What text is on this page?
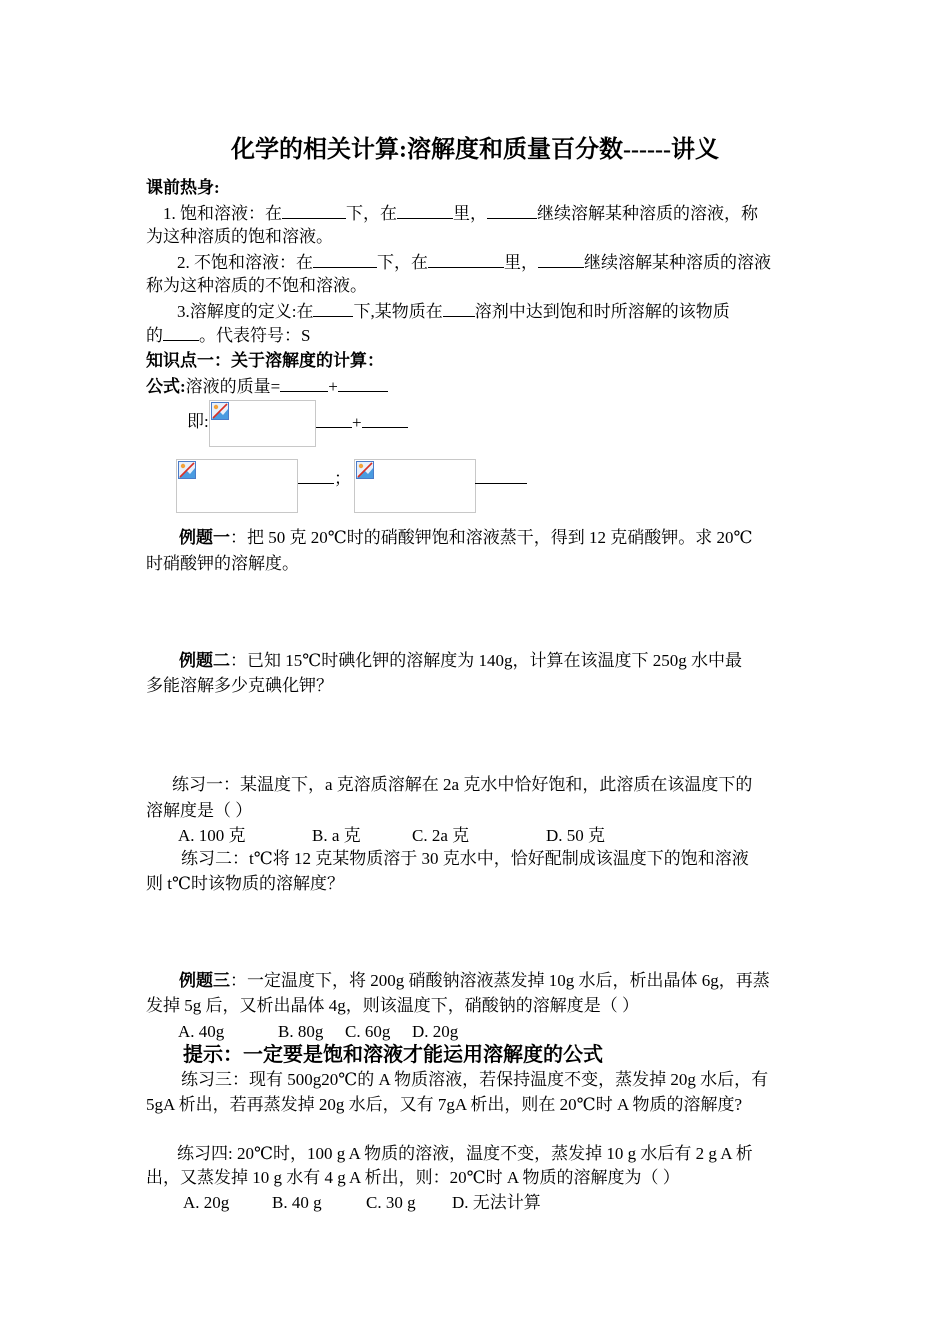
化学的相关计算:溶解度和质量百分数------讲义
课前热身:
1. 饱和溶液：在	下，在	里，	继续溶解某种溶质的溶液，称
为这种溶质的饱和溶液。
2. 不饱和溶液：在	下，在	里，	继续溶解某种溶质的溶液
称为这种溶质的不饱和溶液。
3.溶解度的定义:在 下,某物质在 溶剂中达到饱和时所溶解的该物质
的 。代表符号：S
知识点一：关于溶解度的计算：
公式:溶液的质量=	+
即:	+
；
例题一：把 50 克 20℃时的硝酸钾饱和溶液蒸干，得到 12 克硝酸钾。求 20℃
时硝酸钾的溶解度。
例题二：已知 15℃时碘化钾的溶解度为 140g，计算在该温度下 250g 水中最
多能溶解多少克碘化钾？
练习一：某温度下，a 克溶质溶解在 2a 克水中恰好饱和，此溶质在该温度下的
溶解度是（ ）
A. 100 克	B. a 克	C. 2a 克	D. 50 克
练习二：t℃将 12 克某物质溶于 30 克水中，恰好配制成该温度下的饱和溶液
则 t℃时该物质的溶解度？
例题三：一定温度下，将 200g 硝酸钠溶液蒸发掉 10g 水后，析出晶体 6g，再蒸
发掉 5g 后，又析出晶体 4g，则该温度下，硝酸钠的溶解度是（ ）
A. 40g	B. 80g C. 60g D. 20g
提示：一定要是饱和溶液才能运用溶解度的公式
练习三：现有 500g20℃的 A 物质溶液，若保持温度不变，蒸发掉 20g 水后，有
5gA 析出，若再蒸发掉 20g 水后，又有 7gA 析出，则在 20℃时 A 物质的溶解度?
练习四: 20℃时，100 g A 物质的溶液，温度不变，蒸发掉 10 g 水后有 2 g A 析
出，又蒸发掉 10 g 水有 4 g A 析出，则：20℃时 A 物质的溶解度为（ ）
A. 20g	B. 40 g	C. 30 g D. 无法计算
